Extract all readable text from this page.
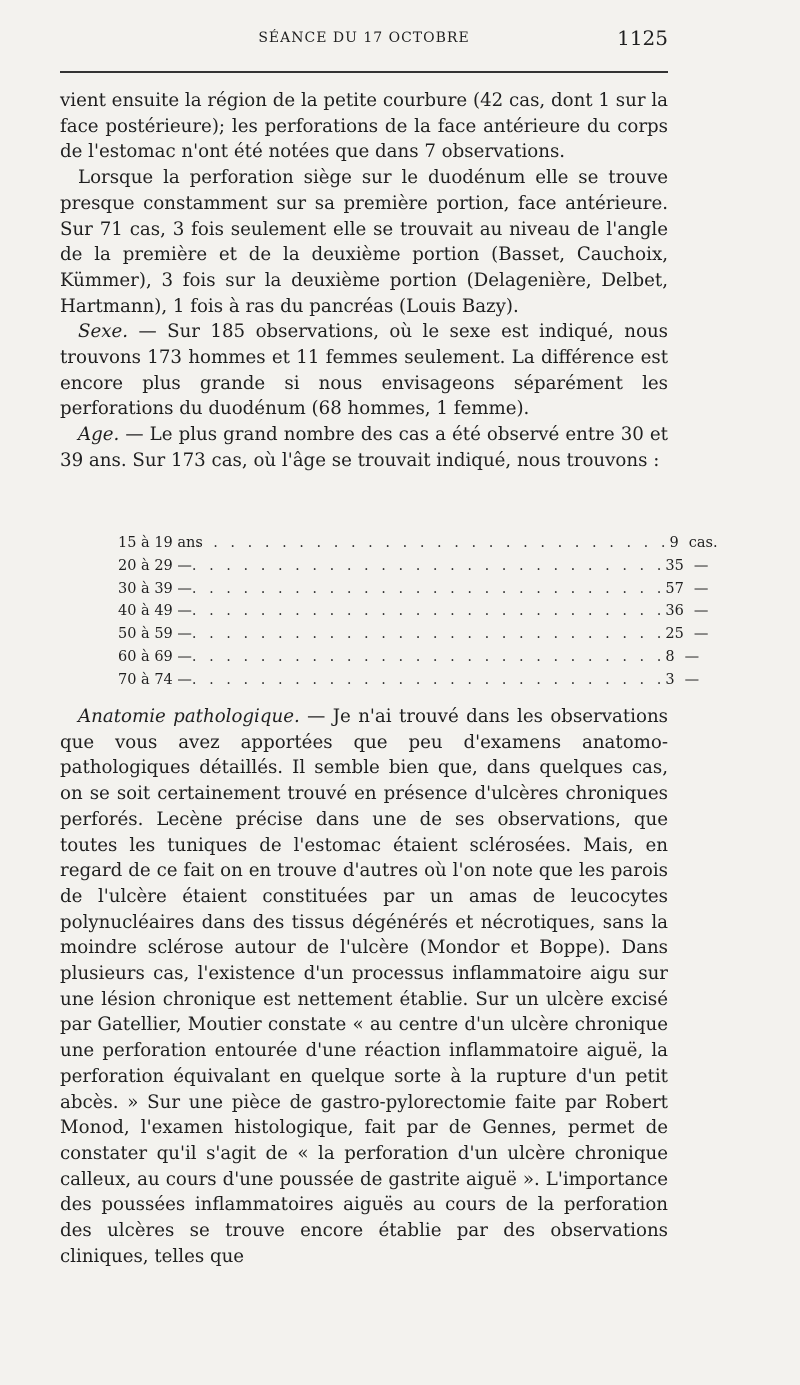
SÉANCE DU 17 OCTOBRE	1125

vient ensuite la région de la petite courbure (42 cas, dont 1 sur la face postérieure); les perforations de la face antérieure du corps de l'estomac n'ont été notées que dans 7 observations.

Lorsque la perforation siège sur le duodénum elle se trouve presque constamment sur sa première portion, face antérieure. Sur 71 cas, 3 fois seulement elle se trouvait au niveau de l'angle de la première et de la deuxième portion (Basset, Cauchoix, Kümmer), 3 fois sur la deuxième portion (Delagenière, Delbet, Hartmann), 1 fois à ras du pancréas (Louis Bazy).

Sexe. — Sur 185 observations, où le sexe est indiqué, nous trouvons 173 hommes et 11 femmes seulement. La différence est encore plus grande si nous envisageons séparément les perforations du duodénum (68 hommes, 1 femme).

Age. — Le plus grand nombre des cas a été observé entre 30 et 39 ans. Sur 173 cas, où l'âge se trouvait indiqué, nous trouvons :

15 à 19 ans
. . . . . . . . . . . . . . . . . . . . . . . . . . . . 9 cas.
20 à 29 — . . . . . . . . . . . . . . . . . . . . . . . . . . . . 35 —
30 à 39 — . . . . . . . . . . . . . . . . . . . . . . . . . . . . 57 —
40 à 49 — . . . . . . . . . . . . . . . . . . . . . . . . . . . . 36 —
50 à 59 — . . . . . . . . . . . . . . . . . . . . . . . . . . . . 25 —
60 à 69 — . . . . . . . . . . . . . . . . . . . . . . . . . . . . 8 —
70 à 74 — . . . . . . . . . . . . . . . . . . . . . . . . . . . . 3 —

Anatomie pathologique. — Je n'ai trouvé dans les observations que vous avez apportées que peu d'examens anatomo-pathologiques détaillés. Il semble bien que, dans quelques cas, on se soit certainement trouvé en présence d'ulcères chroniques perforés. Lecène précise dans une de ses observations, que toutes les tuniques de l'estomac étaient sclérosées. Mais, en regard de ce fait on en trouve d'autres où l'on note que les parois de l'ulcère étaient constituées par un amas de leucocytes polynucléaires dans des tissus dégénérés et nécrotiques, sans la moindre sclérose autour de l'ulcère (Mondor et Boppe). Dans plusieurs cas, l'existence d'un processus inflammatoire aigu sur une lésion chronique est nettement établie. Sur un ulcère excisé par Gatellier, Moutier constate « au centre d'un ulcère chronique une perforation entourée d'une réaction inflammatoire aiguë, la perforation équivalant en quelque sorte à la rupture d'un petit abcès. » Sur une pièce de gastro-pylorectomie faite par Robert Monod, l'examen histologique, fait par de Gennes, permet de constater qu'il s'agit de « la perforation d'un ulcère chronique calleux, au cours d'une poussée de gastrite aiguë ». L'importance des poussées inflammatoires aiguës au cours de la perforation des ulcères se trouve encore établie par des observations cliniques, telles que
